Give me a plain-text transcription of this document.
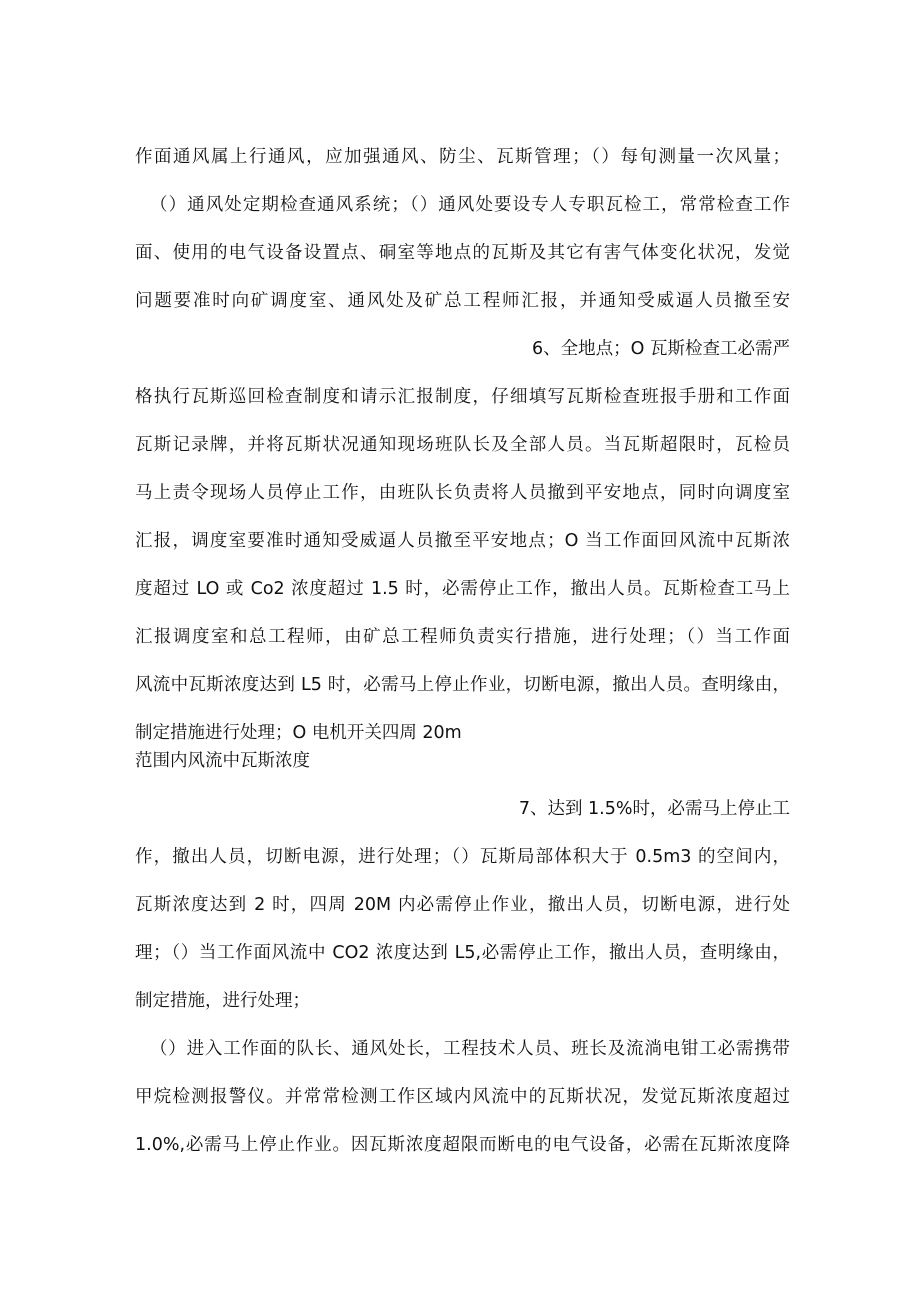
作面通风属上行通风，应加强通风、防尘、瓦斯管理；（）每旬测量一次风量；
（）通风处定期检查通风系统；（）通风处要设专人专职瓦检工，常常检查工作
面、使用的电气设备设置点、硐室等地点的瓦斯及其它有害气体变化状况，发觉
问题要准时向矿调度室、通风处及矿总工程师汇报，并通知受威逼人员撤至安
6、全地点；O 瓦斯检查工必需严
格执行瓦斯巡回检查制度和请示汇报制度，仔细填写瓦斯检查班报手册和工作面
瓦斯记录牌，并将瓦斯状况通知现场班队长及全部人员。当瓦斯超限时，瓦检员
马上责令现场人员停止工作，由班队长负责将人员撤到平安地点，同时向调度室
汇报，调度室要准时通知受威逼人员撤至平安地点；O 当工作面回风流中瓦斯浓
度超过 LO 或 Co2 浓度超过 1.5 时，必需停止工作，撤出人员。瓦斯检查工马上
汇报调度室和总工程师，由矿总工程师负责实行措施，进行处理；（）当工作面
风流中瓦斯浓度达到 L5 时，必需马上停止作业，切断电源，撤出人员。查明缘由，
制定措施进行处理；O 电机开关四周 20m
范围内风流中瓦斯浓度
7、达到 1.5%时，必需马上停止工
作，撤出人员，切断电源，进行处理；（）瓦斯局部体积大于 0.5m3 的空间内，
瓦斯浓度达到 2 时，四周 20M 内必需停止作业，撤出人员，切断电源，进行处
理；（）当工作面风流中 CO2 浓度达到 L5,必需停止工作，撤出人员，查明缘由，
制定措施，进行处理；
（）进入工作面的队长、通风处长，工程技术人员、班长及流淌电钳工必需携带
甲烷检测报警仪。并常常检测工作区域内风流中的瓦斯状况，发觉瓦斯浓度超过
1.0%,必需马上停止作业。因瓦斯浓度超限而断电的电气设备，必需在瓦斯浓度降
